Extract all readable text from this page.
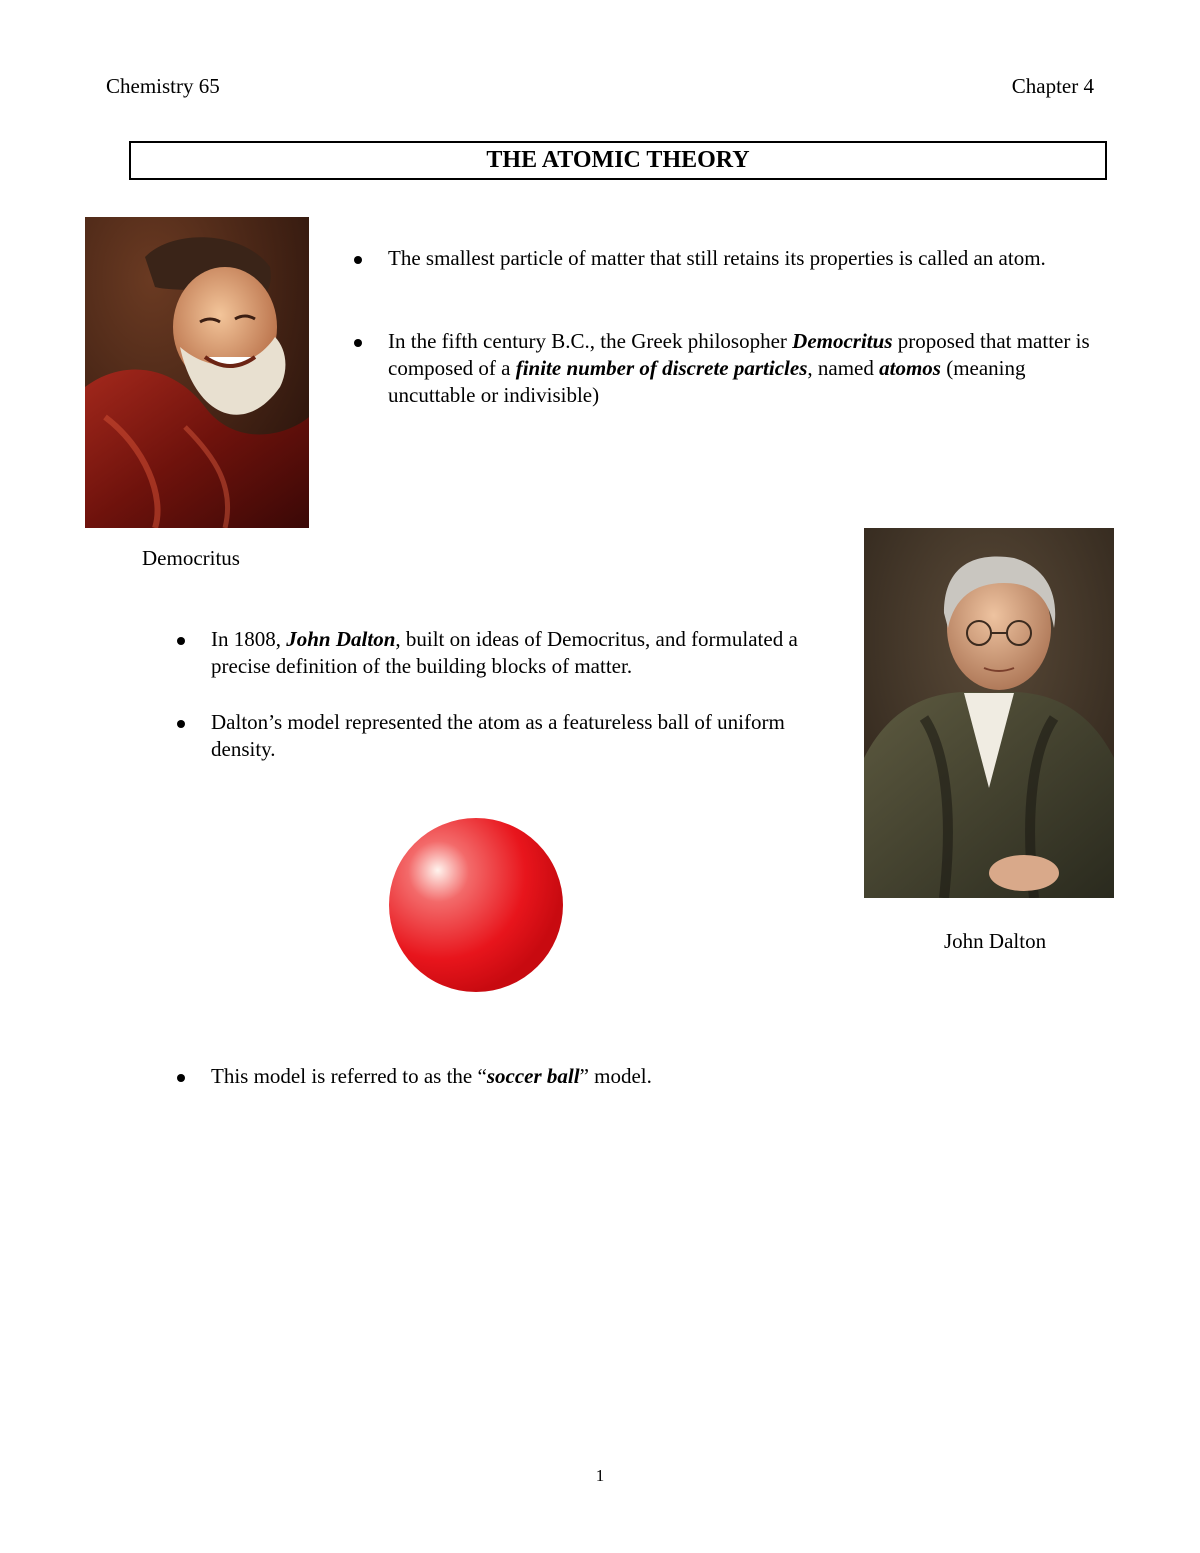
Chemistry 65	Chapter 4
THE ATOMIC THEORY
Democritus
The smallest particle of matter that still retains its properties is called an atom.
In the fifth century B.C., the Greek philosopher Democritus proposed that matter is composed of a finite number of discrete particles, named atomos (meaning uncuttable or indivisible)
John Dalton
In 1808, John Dalton, built on ideas of Democritus, and formulated a precise definition of the building blocks of matter.
Dalton’s model represented the atom as a featureless ball of uniform density.
This model is referred to as the “soccer ball” model.
1
